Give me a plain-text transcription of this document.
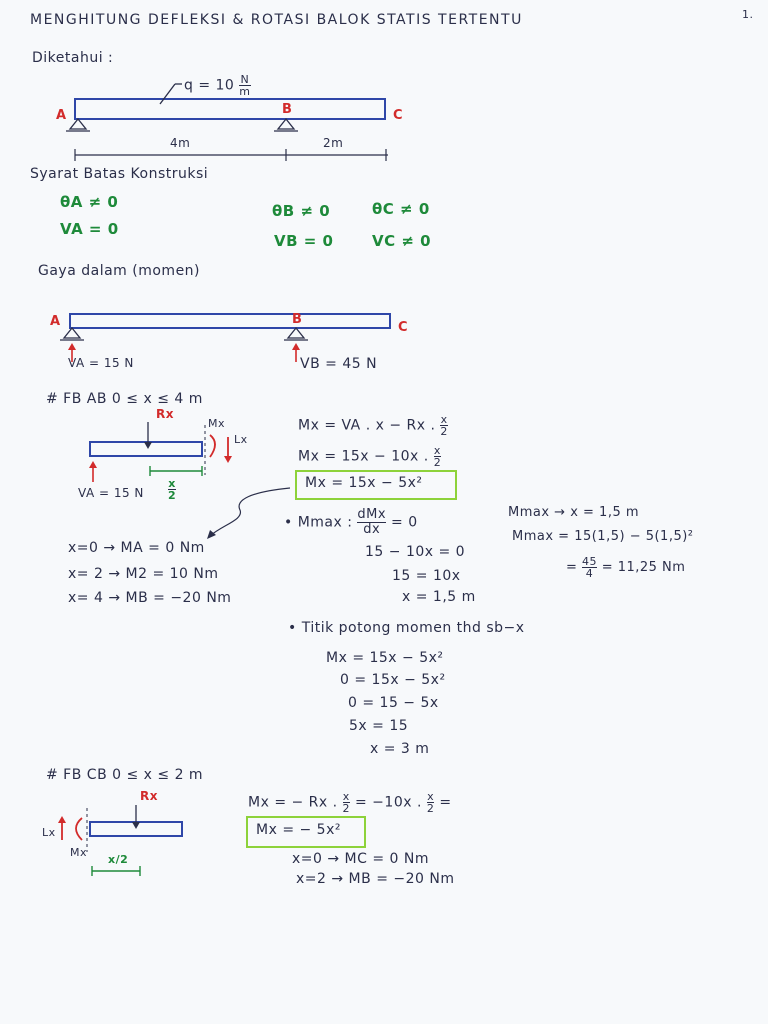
MENGHITUNG DEFLEKSI & ROTASI BALOK STATIS TERTENTU	1.
Diketahui :
$q = 10 \frac{N}{m}$
A	B	C
4m	2m
Syarat Batas Konstruksi
θA ≠ 0
VA = 0
θB ≠ 0
VB = 0
θC ≠ 0
VC ≠ 0
Gaya dalam (momen)
A	B
C
VA = 15 N	VB = 45 N
# FB AB 0 ≤ x ≤ 4 m
Rx
Mx
Lx
VA = 15 N $\frac{x}{2}$
Mx = VA . x − Rx . $\frac{x}{2}$
Mx = 15x − 10x . $\frac{x}{2}$
Mx = 15x − 5x²
x=0 → MA = 0 Nm
x= 2 → M2 = 10 Nm
x= 4 → MB = −20 Nm
• Mmax : $\frac{\text{dMx}}{dx} = 0$
15 − 10x = 0
15 = 10x
x = 1,5 m
Mmax → x = 1,5 m
Mmax = 15(1,5) − 5(1,5)²
= $\frac{45}{4} = 11,25$ Nm
• Titik potong momen thd sb−x
Mx = 15x − 5x²
0 = 15x − 5x²
0 = 15 − 5x
5x = 15
x = 3 m
# FB CB 0 ≤ x ≤ 2 m
Rx
Lx
Mx
x/2
Mx = − Rx . $\frac{x}{2} = -10x$ . $\frac{x}{2}$ =
Mx = − 5x²
x=0 → MC = 0 Nm
x=2 → MB = −20 Nm
